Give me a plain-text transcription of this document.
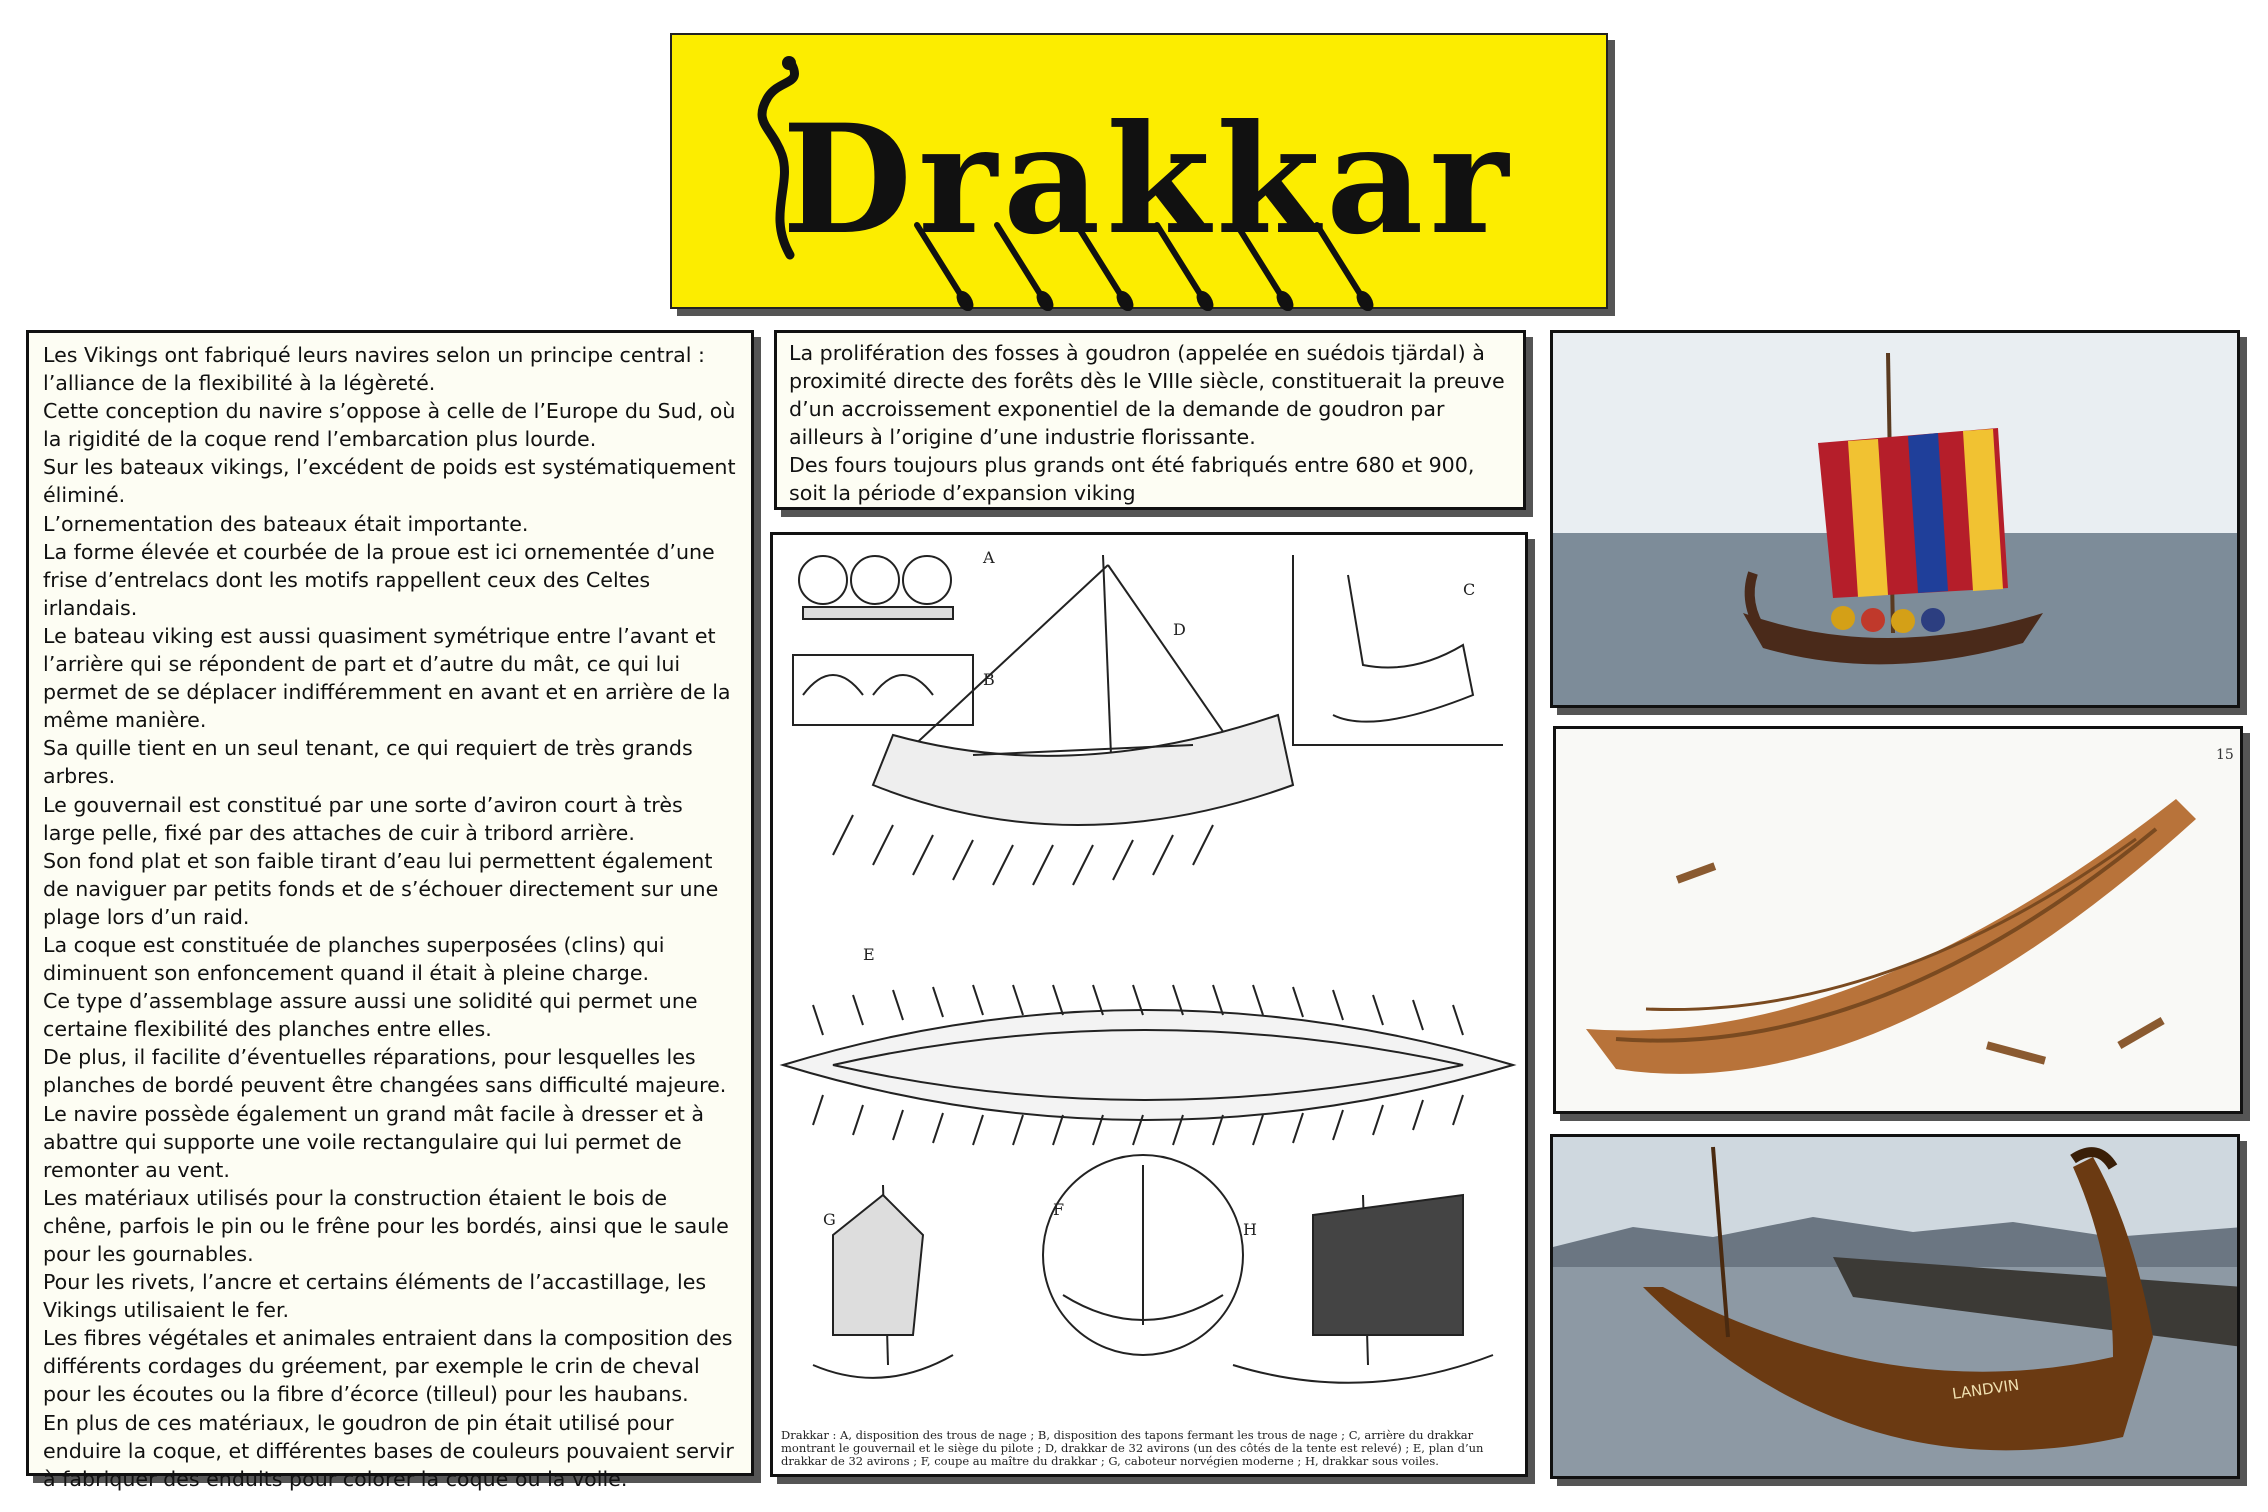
Drakkar

Les Vikings ont fabriqué leurs navires selon un principe central : l’alliance de la flexibilité à la légèreté.

Cette conception du navire s’oppose à celle de l’Europe du Sud, où la rigidité de la coque rend l’embarcation plus lourde.

Sur les bateaux vikings, l’excédent de poids est systématiquement éliminé.

L’ornementation des bateaux était importante.

La forme élevée et courbée de la proue est ici ornementée d’une frise d’entrelacs dont les motifs rappellent ceux des Celtes irlandais.

Le bateau viking est aussi quasiment symétrique entre l’avant et l’arrière qui se répondent de part et d’autre du mât, ce qui lui permet de se déplacer indifféremment en avant et en arrière de la même manière.

Sa quille tient en un seul tenant, ce qui requiert de très grands arbres.

Le gouvernail est constitué par une sorte d’aviron court à très large pelle, fixé par des attaches de cuir à tribord arrière.

Son fond plat et son faible tirant d’eau lui permettent également de naviguer par petits fonds et de s’échouer directement sur une plage lors d’un raid.

La coque est constituée de planches superposées (clins) qui diminuent son enfoncement quand il était à pleine charge.

Ce type d’assemblage assure aussi une solidité qui permet une certaine flexibilité des planches entre elles.

De plus, il facilite d’éventuelles réparations, pour lesquelles les planches de bordé peuvent être changées sans difficulté majeure.

Le navire possède également un grand mât facile à dresser et à abattre qui supporte une voile rectangulaire qui lui permet de remonter au vent.

Les matériaux utilisés pour la construction étaient le bois de chêne, parfois le pin ou le frêne pour les bordés, ainsi que le saule pour les gournables.

Pour les rivets, l’ancre et certains éléments de l’accastillage, les Vikings utilisaient le fer.

Les fibres végétales et animales entraient dans la composition des différents cordages du gréement, par exemple le crin de cheval pour les écoutes ou la fibre d’écorce (tilleul) pour les haubans.

En plus de ces matériaux, le goudron de pin était utilisé pour enduire la coque, et différentes bases de couleurs pouvaient servir à fabriquer des enduits pour colorer la coque ou la voile.

La prolifération des fosses à goudron (appelée en suédois tjärdal) à proximité directe des forêts dès le VIIIe siècle, constituerait la preuve d’un accroissement exponentiel de la demande de goudron par ailleurs à l’origine d’une industrie florissante.

Des fours toujours plus grands ont été fabriqués entre 680 et 900, soit la période d’expansion viking

A
B
C
D
E
F
G
H
Drakkar : A, disposition des trous de nage ; B, disposition des tapons fermant les trous de nage ; C, arrière du drakkar montrant le gouvernail et le siège du pilote ; D, drakkar de 32 avirons (un des côtés de la tente est relevé) ; E, plan d’un drakkar de 32 avirons ; F, coupe au maître du drakkar ; G, caboteur norvégien moderne ; H, drakkar sous voiles.
15
LANDVIN
